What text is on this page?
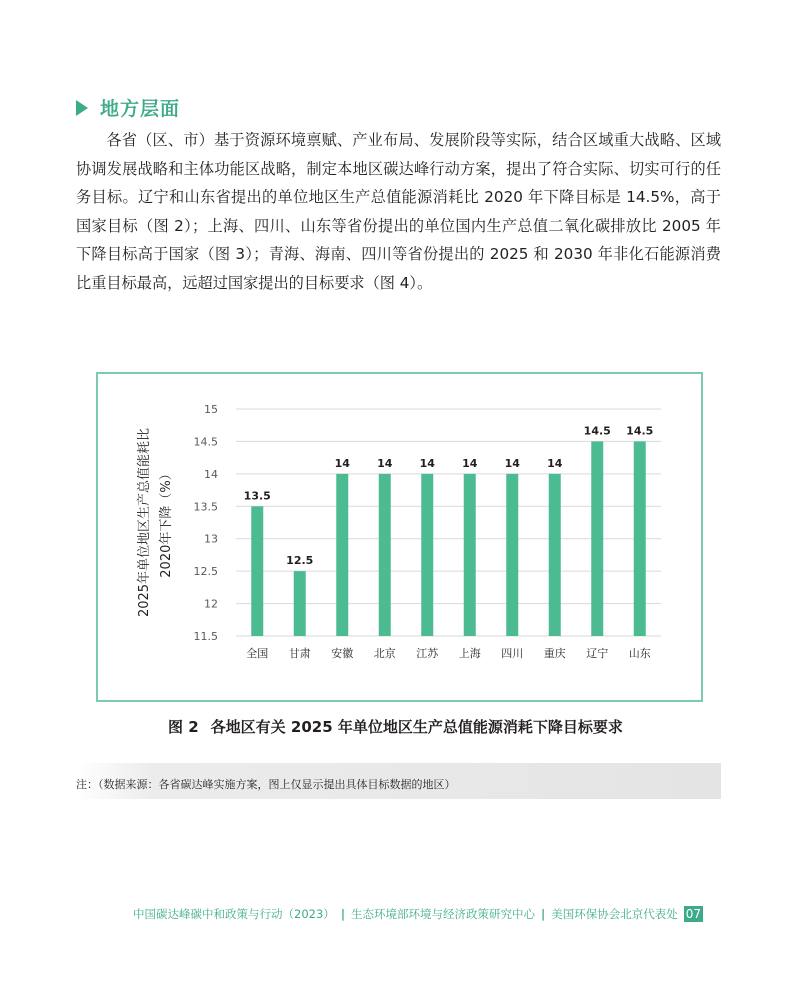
地方层面

各省（区、市）基于资源环境禀赋、产业布局、发展阶段等实际，结合区域重大战略、区域协调发展战略和主体功能区战略，制定本地区碳达峰行动方案，提出了符合实际、切实可行的任务目标。辽宁和山东省提出的单位地区生产总值能源消耗比 2020 年下降目标是 14.5%，高于国家目标（图 2）；上海、四川、山东等省份提出的单位国内生产总值二氧化碳排放比 2005 年下降目标高于国家（图 3）；青海、海南、四川等省份提出的 2025 和 2030 年非化石能源消费比重目标最高，远超过国家提出的目标要求（图 4）。

11.5
12
12.5
13
13.5
14
14.5
15
13.5
全国
12.5
甘肃
14
安徽
14
北京
14
江苏
14
上海
14
四川
14
重庆
14.5
辽宁
14.5
山东
2025年单位地区生产总值能耗比 2020年下降（%）
图 2 各地区有关 2025 年单位地区生产总值能源消耗下降目标要求
注：（数据来源：各省碳达峰实施方案，图上仅显示提出具体目标数据的地区）
中国碳达峰碳中和政策与行动（2023） | 生态环境部环境与经济政策研究中心 | 美国环保协会北京代表处 07
